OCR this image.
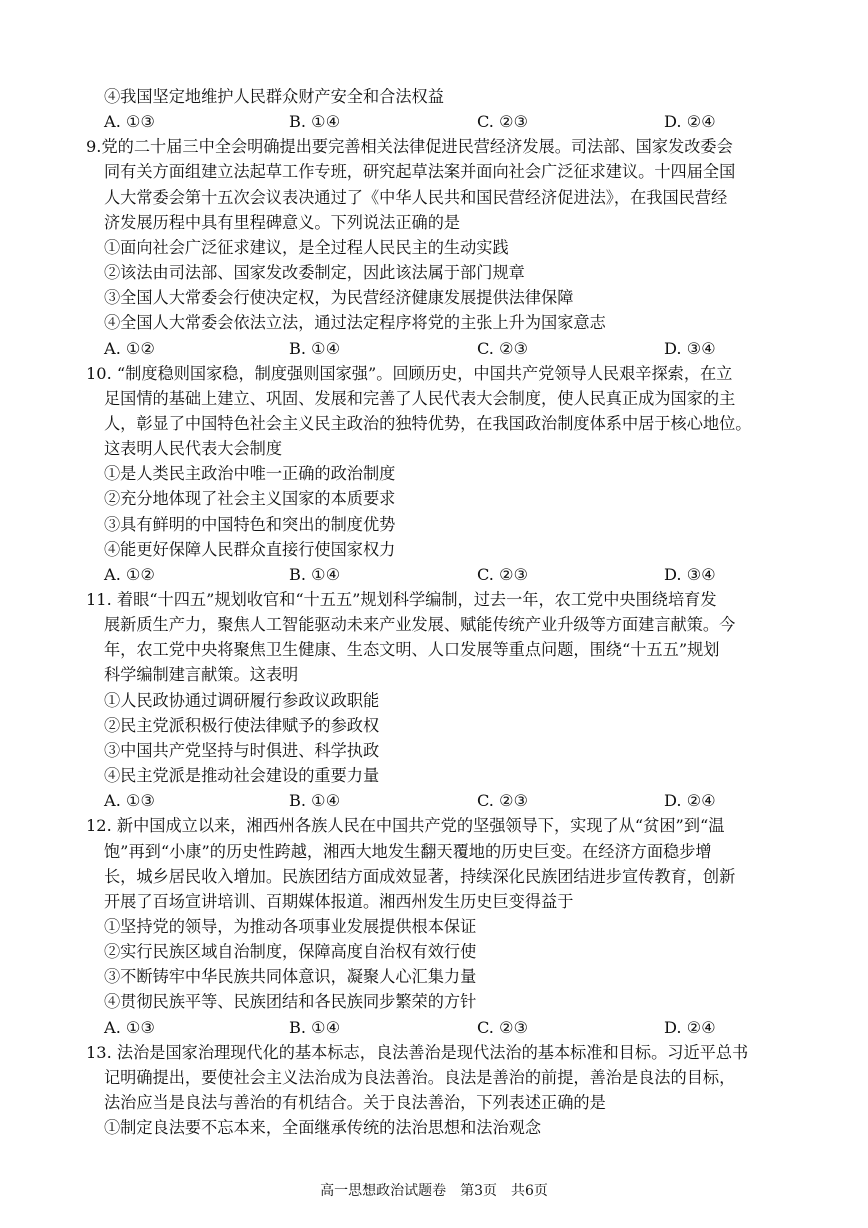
④我国坚定地维护人民群众财产安全和合法权益
A. ①③	B. ①④	C. ②③	D. ②④
9.党的二十届三中全会明确提出要完善相关法律促进民营经济发展。司法部、国家发改委会
同有关方面组建立法起草工作专班，研究起草法案并面向社会广泛征求建议。十四届全国
人大常委会第十五次会议表决通过了《中华人民共和国民营经济促进法》，在我国民营经
济发展历程中具有里程碑意义。下列说法正确的是
①面向社会广泛征求建议，是全过程人民民主的生动实践
②该法由司法部、国家发改委制定，因此该法属于部门规章
③全国人大常委会行使决定权，为民营经济健康发展提供法律保障
④全国人大常委会依法立法，通过法定程序将党的主张上升为国家意志
A. ①②	B. ①④	C. ②③	D. ③④
10. “制度稳则国家稳，制度强则国家强”。回顾历史，中国共产党领导人民艰辛探索，在立
足国情的基础上建立、巩固、发展和完善了人民代表大会制度，使人民真正成为国家的主
人，彰显了中国特色社会主义民主政治的独特优势，在我国政治制度体系中居于核心地位。
这表明人民代表大会制度
①是人类民主政治中唯一正确的政治制度
②充分地体现了社会主义国家的本质要求
③具有鲜明的中国特色和突出的制度优势
④能更好保障人民群众直接行使国家权力
A. ①②	B. ①④	C. ②③	D. ③④
11. 着眼“十四五”规划收官和“十五五”规划科学编制，过去一年，农工党中央围绕培育发
展新质生产力，聚焦人工智能驱动未来产业发展、赋能传统产业升级等方面建言献策。今
年，农工党中央将聚焦卫生健康、生态文明、人口发展等重点问题，围绕“十五五”规划
科学编制建言献策。这表明
①人民政协通过调研履行参政议政职能
②民主党派积极行使法律赋予的参政权
③中国共产党坚持与时俱进、科学执政
④民主党派是推动社会建设的重要力量
A. ①③	B. ①④	C. ②③	D. ②④
12. 新中国成立以来，湘西州各族人民在中国共产党的坚强领导下，实现了从“贫困”到“温
饱”再到“小康”的历史性跨越，湘西大地发生翻天覆地的历史巨变。在经济方面稳步增
长，城乡居民收入增加。民族团结方面成效显著，持续深化民族团结进步宣传教育，创新
开展了百场宣讲培训、百期媒体报道。湘西州发生历史巨变得益于
①坚持党的领导，为推动各项事业发展提供根本保证
②实行民族区域自治制度，保障高度自治权有效行使
③不断铸牢中华民族共同体意识，凝聚人心汇集力量
④贯彻民族平等、民族团结和各民族同步繁荣的方针
A. ①③	B. ①④	C. ②③	D. ②④
13. 法治是国家治理现代化的基本标志，良法善治是现代法治的基本标准和目标。习近平总书
记明确提出，要使社会主义法治成为良法善治。良法是善治的前提，善治是良法的目标，
法治应当是良法与善治的有机结合。关于良法善治，下列表述正确的是
①制定良法要不忘本来，全面继承传统的法治思想和法治观念
高一思想政治试题卷　第3页　共6页
